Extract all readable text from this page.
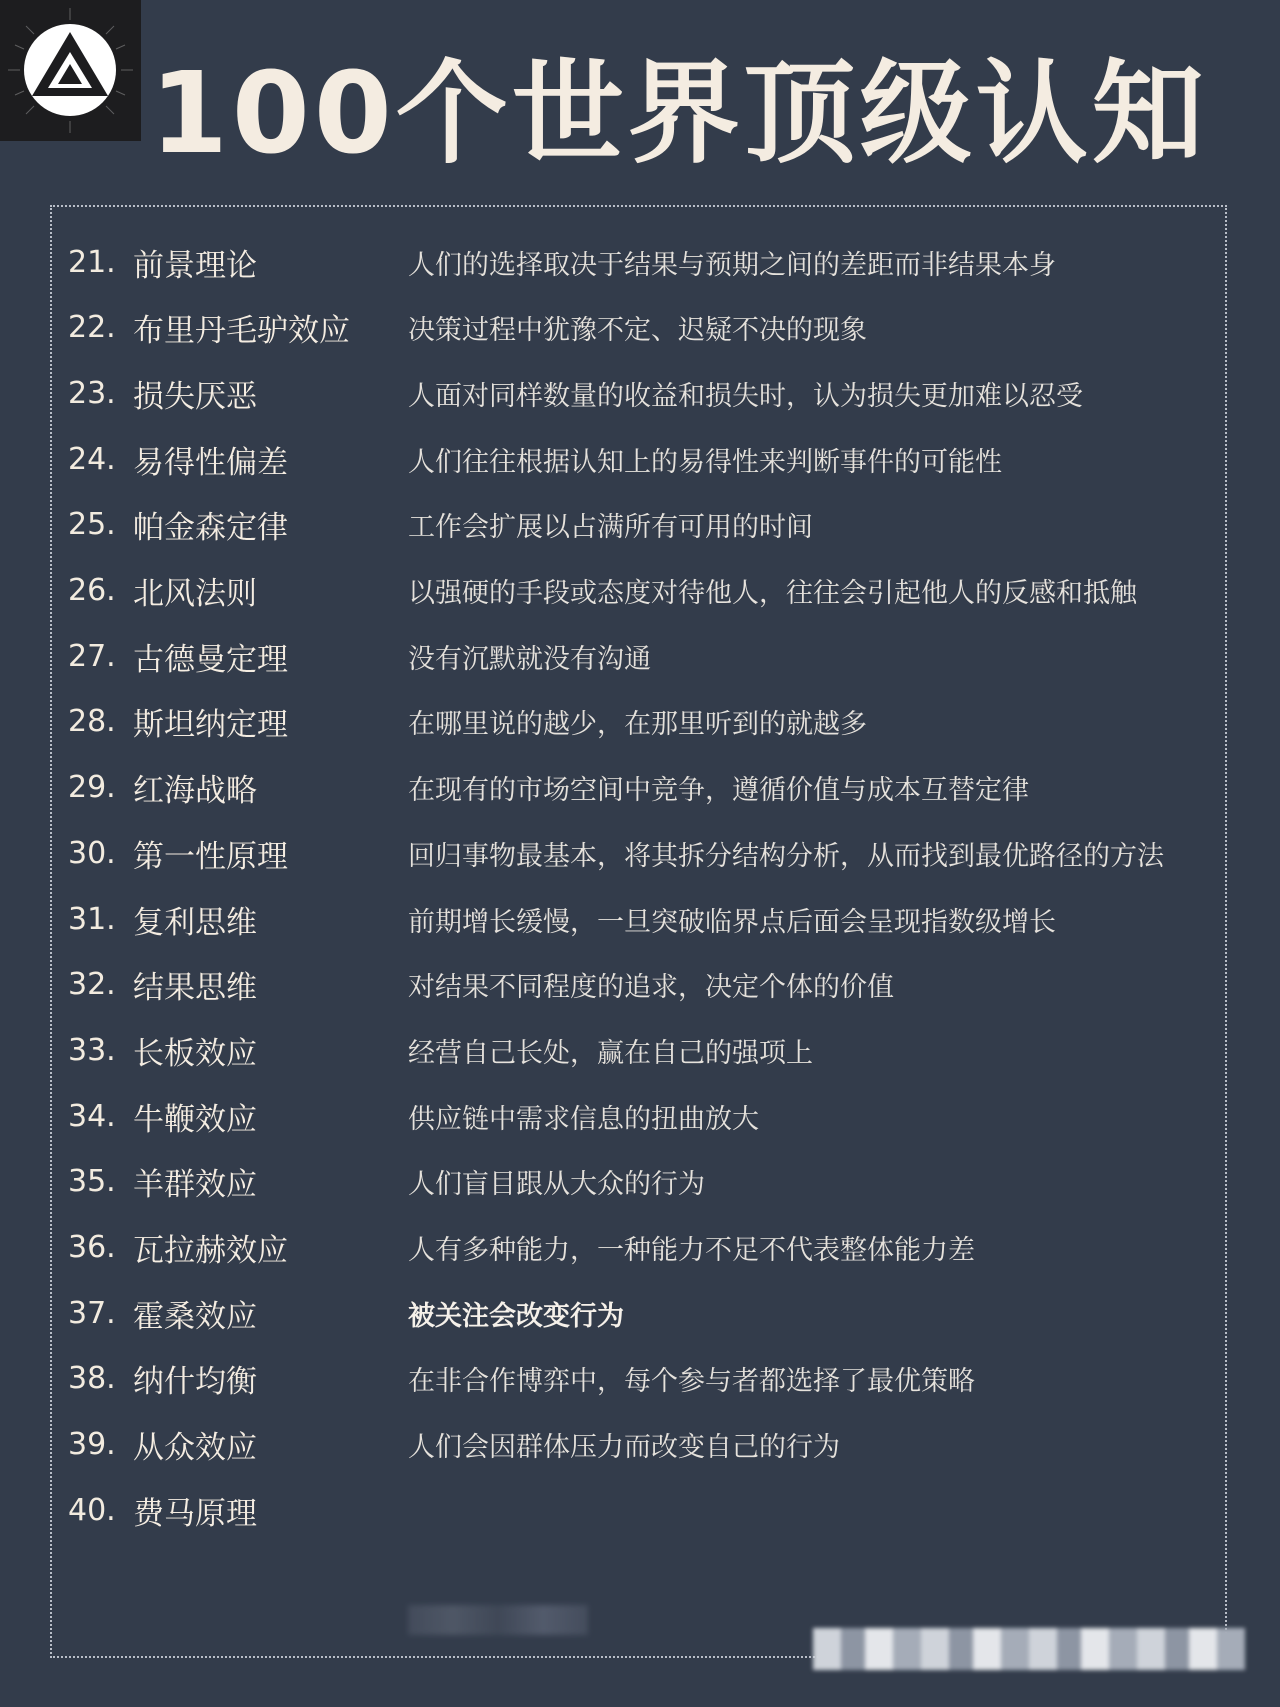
100个世界顶级认知
21. 前景理论	人们的选择取决于结果与预期之间的差距而非结果本身
22. 布里丹毛驴效应	决策过程中犹豫不定、迟疑不决的现象
23. 损失厌恶	人面对同样数量的收益和损失时，认为损失更加难以忍受
24. 易得性偏差	人们往往根据认知上的易得性来判断事件的可能性
25. 帕金森定律	工作会扩展以占满所有可用的时间
26. 北风法则	以强硬的手段或态度对待他人，往往会引起他人的反感和抵触
27. 古德曼定理	没有沉默就没有沟通
28. 斯坦纳定理	在哪里说的越少，在那里听到的就越多
29. 红海战略	在现有的市场空间中竞争，遵循价值与成本互替定律
30. 第一性原理	回归事物最基本，将其拆分结构分析，从而找到最优路径的方法
31. 复利思维	前期增长缓慢，一旦突破临界点后面会呈现指数级增长
32. 结果思维	对结果不同程度的追求，决定个体的价值
33. 长板效应	经营自己长处，赢在自己的强项上
34. 牛鞭效应	供应链中需求信息的扭曲放大
35. 羊群效应	人们盲目跟从大众的行为
36. 瓦拉赫效应	人有多种能力，一种能力不足不代表整体能力差
37. 霍桑效应	被关注会改变行为
38. 纳什均衡	在非合作博弈中，每个参与者都选择了最优策略
39. 从众效应	人们会因群体压力而改变自己的行为
40. 费马原理
